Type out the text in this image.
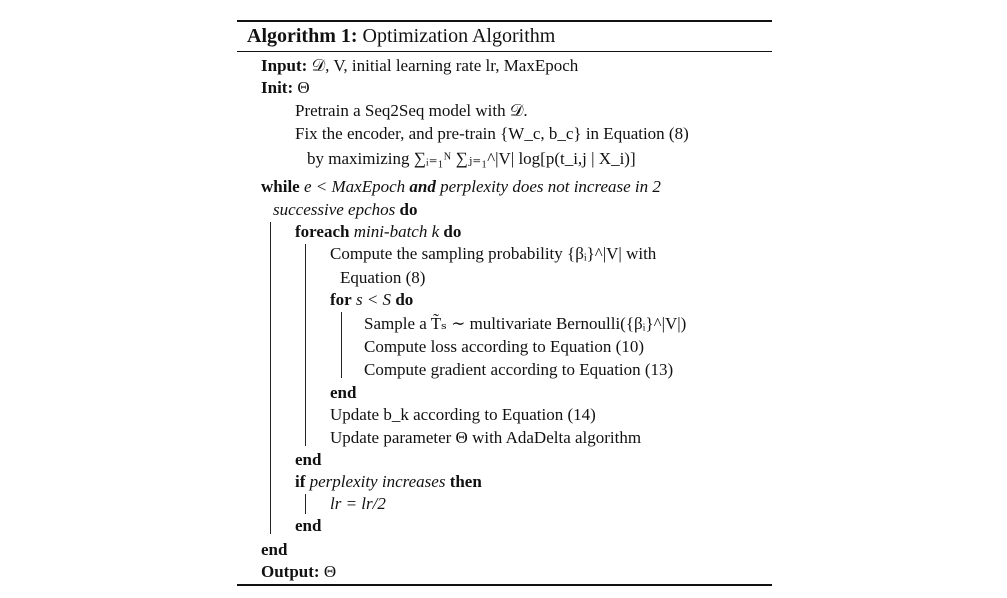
Algorithm 1: Optimization Algorithm
Input: 𝒟, V, initial learning rate lr, MaxEpoch
Init: Θ
Pretrain a Seq2Seq model with 𝒟.
Fix the encoder, and pre-train {W_c, b_c} in Equation (8)
by maximizing ∑ᵢ₌₁ᴺ ∑ⱼ₌₁^|V| log[p(t_i,j | X_i)]
while e < MaxEpoch and perplexity does not increase in 2
successive epchos do
foreach mini-batch k do
Compute the sampling probability {βᵢ}^|V| with
Equation (8)
for s < S do
Sample a T̃ₛ ∼ multivariate Bernoulli({βᵢ}^|V|)
Compute loss according to Equation (10)
Compute gradient according to Equation (13)
end
Update b_k according to Equation (14)
Update parameter Θ with AdaDelta algorithm
end
if perplexity increases then
lr = lr/2
end
end
Output: Θ
